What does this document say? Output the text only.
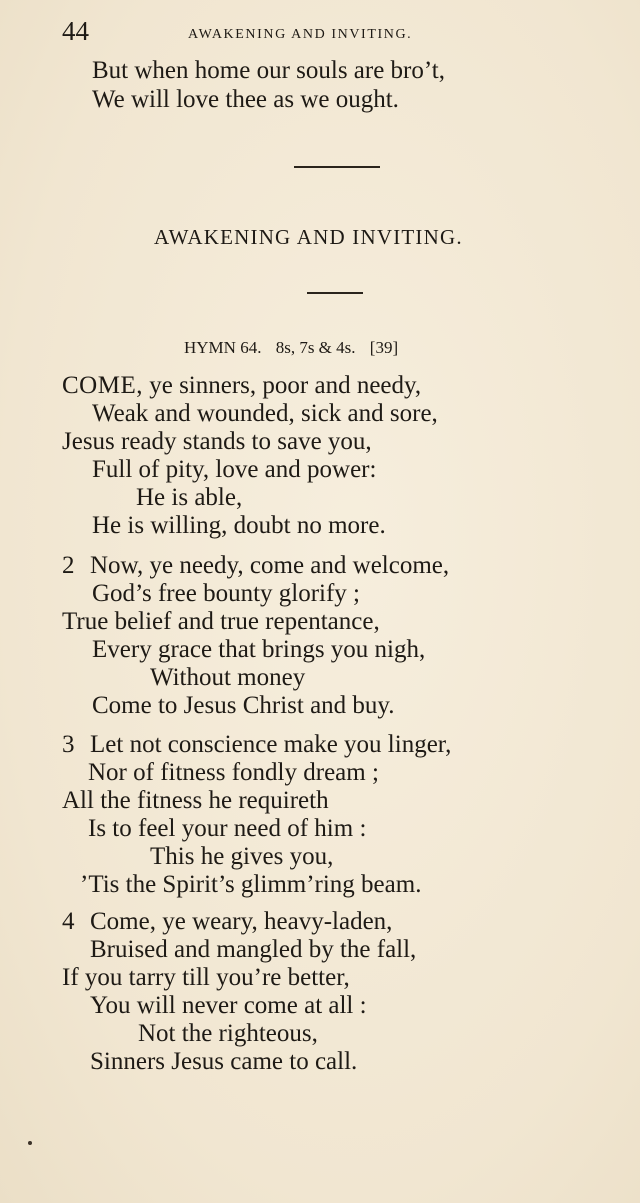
44	AWAKENING AND INVITING.
But when home our souls are bro’t,
We will love thee as we ought.
AWAKENING AND INVITING.
HYMN 64. 8s, 7s & 4s. [39]
COME, ye sinners, poor and needy,
Weak and wounded, sick and sore,
Jesus ready stands to save you,
Full of pity, love and power:
He is able,
He is willing, doubt no more.
2 Now, ye needy, come and welcome,
God’s free bounty glorify ;
True belief and true repentance,
Every grace that brings you nigh,
Without money
Come to Jesus Christ and buy.
3 Let not conscience make you linger,
Nor of fitness fondly dream ;
All the fitness he requireth
Is to feel your need of him :
This he gives you,
’Tis the Spirit’s glimm’ring beam.
4 Come, ye weary, heavy-laden,
Bruised and mangled by the fall,
If you tarry till you’re better,
You will never come at all :
Not the righteous,
Sinners Jesus came to call.
